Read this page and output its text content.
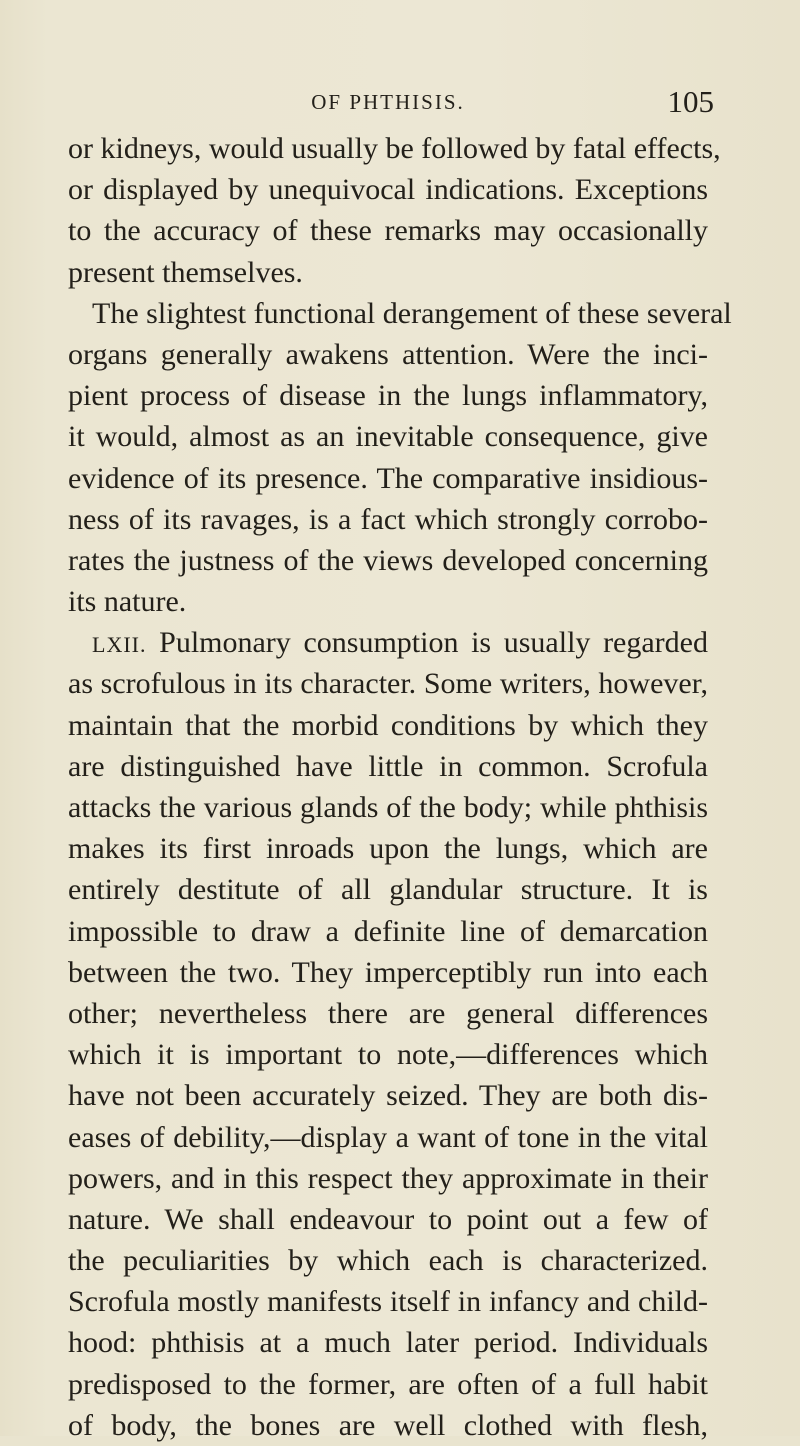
OF PHTHISIS.	105
or kidneys, would usually be followed by fatal effects,
or displayed by unequivocal indications. Exceptions
to the accuracy of these remarks may occasionally
present themselves.
The slightest functional derangement of these several
organs generally awakens attention. Were the inci-
pient process of disease in the lungs inflammatory,
it would, almost as an inevitable consequence, give
evidence of its presence. The comparative insidious-
ness of its ravages, is a fact which strongly corrobo-
rates the justness of the views developed concerning
its nature.
LXII. Pulmonary consumption is usually regarded
as scrofulous in its character. Some writers, however,
maintain that the morbid conditions by which they
are distinguished have little in common. Scrofula
attacks the various glands of the body; while phthisis
makes its first inroads upon the lungs, which are
entirely destitute of all glandular structure. It is
impossible to draw a definite line of demarcation
between the two. They imperceptibly run into each
other; nevertheless there are general differences
which it is important to note,—differences which
have not been accurately seized. They are both dis-
eases of debility,—display a want of tone in the vital
powers, and in this respect they approximate in their
nature. We shall endeavour to point out a few of
the peculiarities by which each is characterized.
Scrofula mostly manifests itself in infancy and child-
hood: phthisis at a much later period. Individuals
predisposed to the former, are often of a full habit
of body, the bones are well clothed with flesh,
